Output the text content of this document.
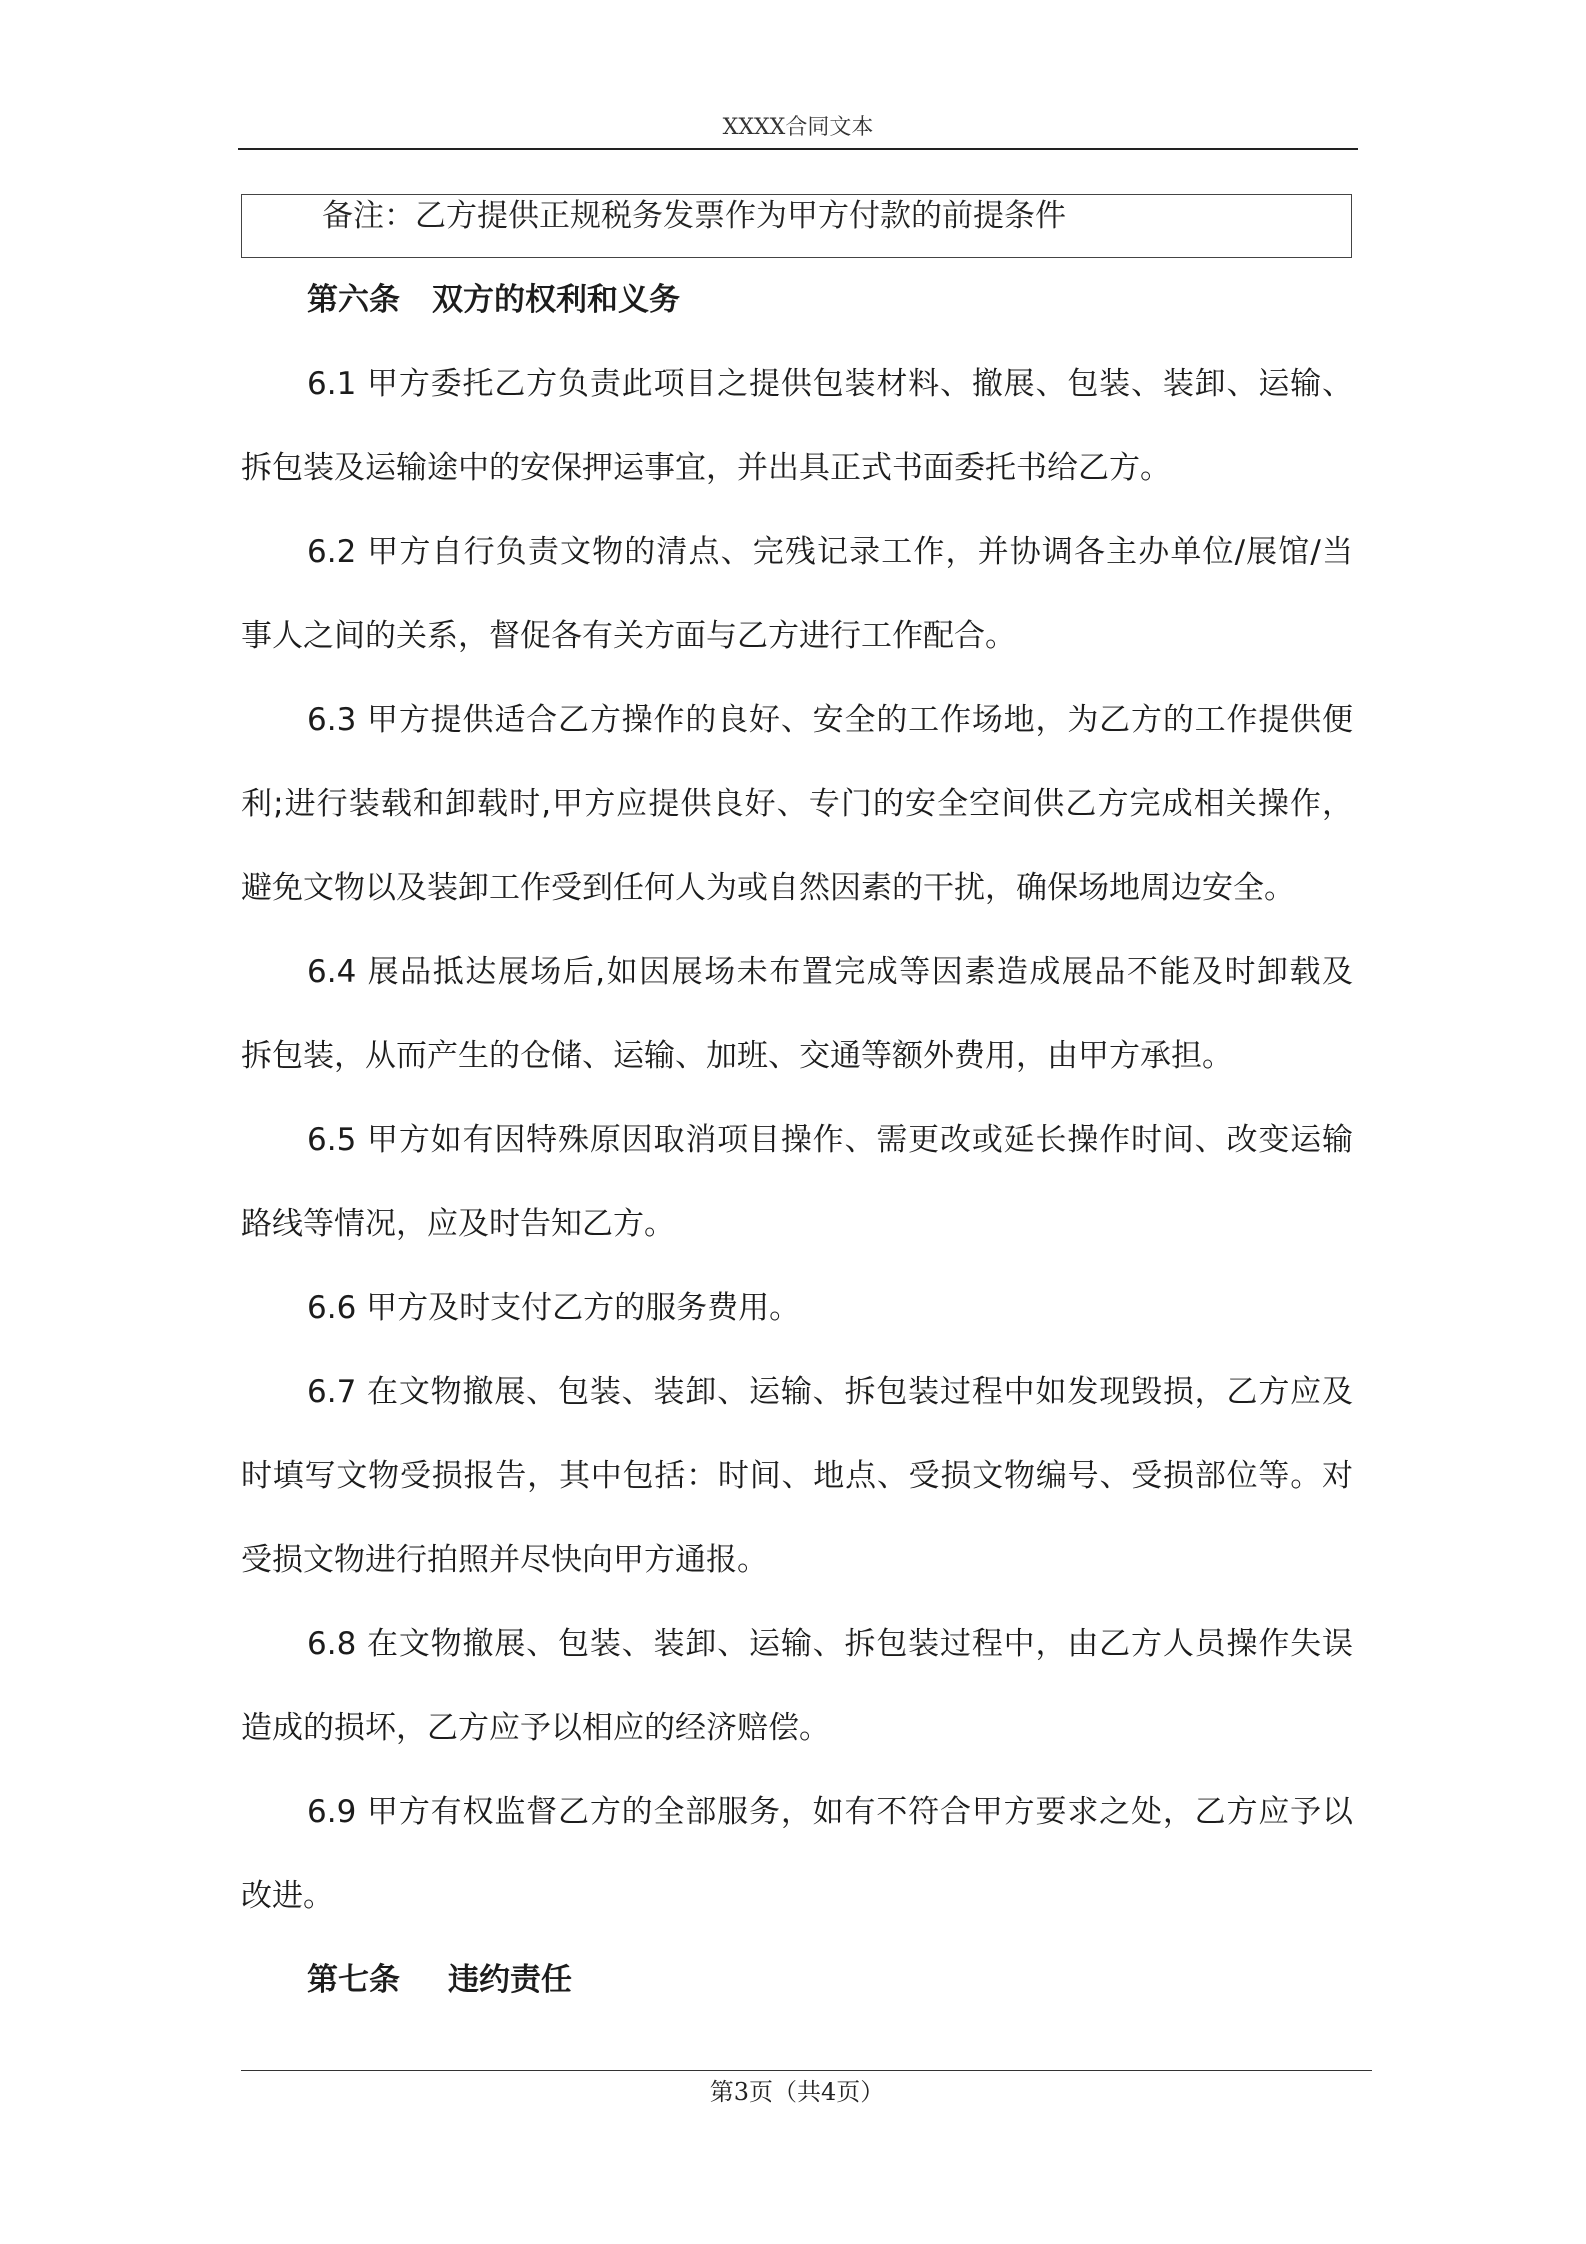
XXXX合同文本
备注：乙方提供正规税务发票作为甲方付款的前提条件
第六条 双方的权利和义务
6.1 甲方委托乙方负责此项目之提供包装材料、撤展、包装、装卸、运输、
拆包装及运输途中的安保押运事宜，并出具正式书面委托书给乙方。
6.2 甲方自行负责文物的清点、完残记录工作，并协调各主办单位/展馆/当
事人之间的关系，督促各有关方面与乙方进行工作配合。
6.3 甲方提供适合乙方操作的良好、安全的工作场地，为乙方的工作提供便
利;进行装载和卸载时,甲方应提供良好、专门的安全空间供乙方完成相关操作，
避免文物以及装卸工作受到任何人为或自然因素的干扰，确保场地周边安全。
6.4 展品抵达展场后,如因展场未布置完成等因素造成展品不能及时卸载及
拆包装，从而产生的仓储、运输、加班、交通等额外费用，由甲方承担。
6.5 甲方如有因特殊原因取消项目操作、需更改或延长操作时间、改变运输
路线等情况，应及时告知乙方。
6.6 甲方及时支付乙方的服务费用。
6.7 在文物撤展、包装、装卸、运输、拆包装过程中如发现毁损，乙方应及
时填写文物受损报告，其中包括：时间、地点、受损文物编号、受损部位等。对
受损文物进行拍照并尽快向甲方通报。
6.8 在文物撤展、包装、装卸、运输、拆包装过程中，由乙方人员操作失误
造成的损坏，乙方应予以相应的经济赔偿。
6.9 甲方有权监督乙方的全部服务，如有不符合甲方要求之处，乙方应予以
改进。
第七条 违约责任
第3页（共4页）
